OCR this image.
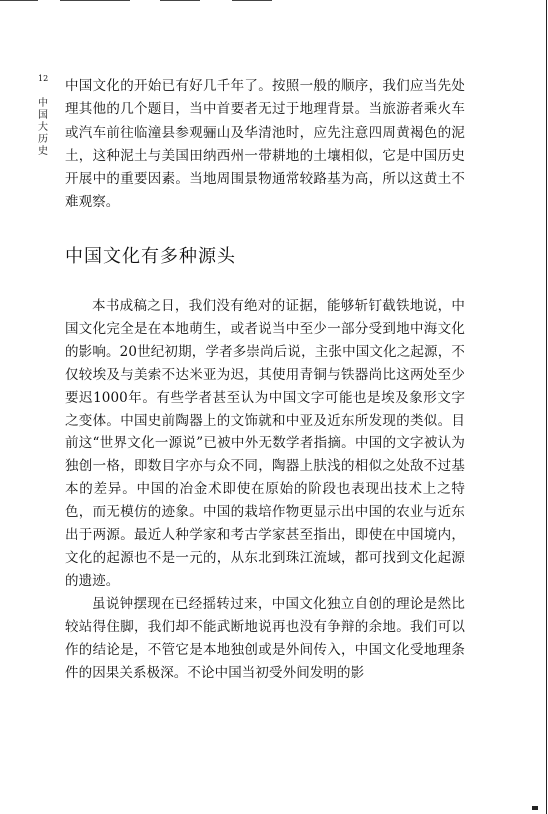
12
中国大历史

中国文化的开始已有好几千年了。按照一般的顺序，我们应当先处理其他的几个题目，当中首要者无过于地理背景。当旅游者乘火车或汽车前往临潼县参观骊山及华清池时，应先注意四周黄褐色的泥土，这种泥土与美国田纳西州一带耕地的土壤相似，它是中国历史开展中的重要因素。当地周围景物通常较路基为高，所以这黄土不难观察。

中国文化有多种源头

本书成稿之日，我们没有绝对的证据，能够斩钉截铁地说，中国文化完全是在本地萌生，或者说当中至少一部分受到地中海文化的影响。20世纪初期，学者多崇尚后说，主张中国文化之起源，不仅较埃及与美索不达米亚为迟，其使用青铜与铁器尚比这两处至少要迟1000年。有些学者甚至认为中国文字可能也是埃及象形文字之变体。中国史前陶器上的文饰就和中亚及近东所发现的类似。目前这“世界文化一源说”已被中外无数学者指摘。中国的文字被认为独创一格，即数目字亦与众不同，陶器上肤浅的相似之处敌不过基本的差异。中国的冶金术即使在原始的阶段也表现出技术上之特色，而无模仿的迹象。中国的栽培作物更显示出中国的农业与近东出于两源。最近人种学家和考古学家甚至指出，即使在中国境内，文化的起源也不是一元的，从东北到珠江流域，都可找到文化起源的遗迹。

虽说钟摆现在已经摇转过来，中国文化独立自创的理论是然比较站得住脚，我们却不能武断地说再也没有争辩的余地。我们可以作的结论是，不管它是本地独创或是外间传入，中国文化受地理条件的因果关系极深。不论中国当初受外间发明的影
